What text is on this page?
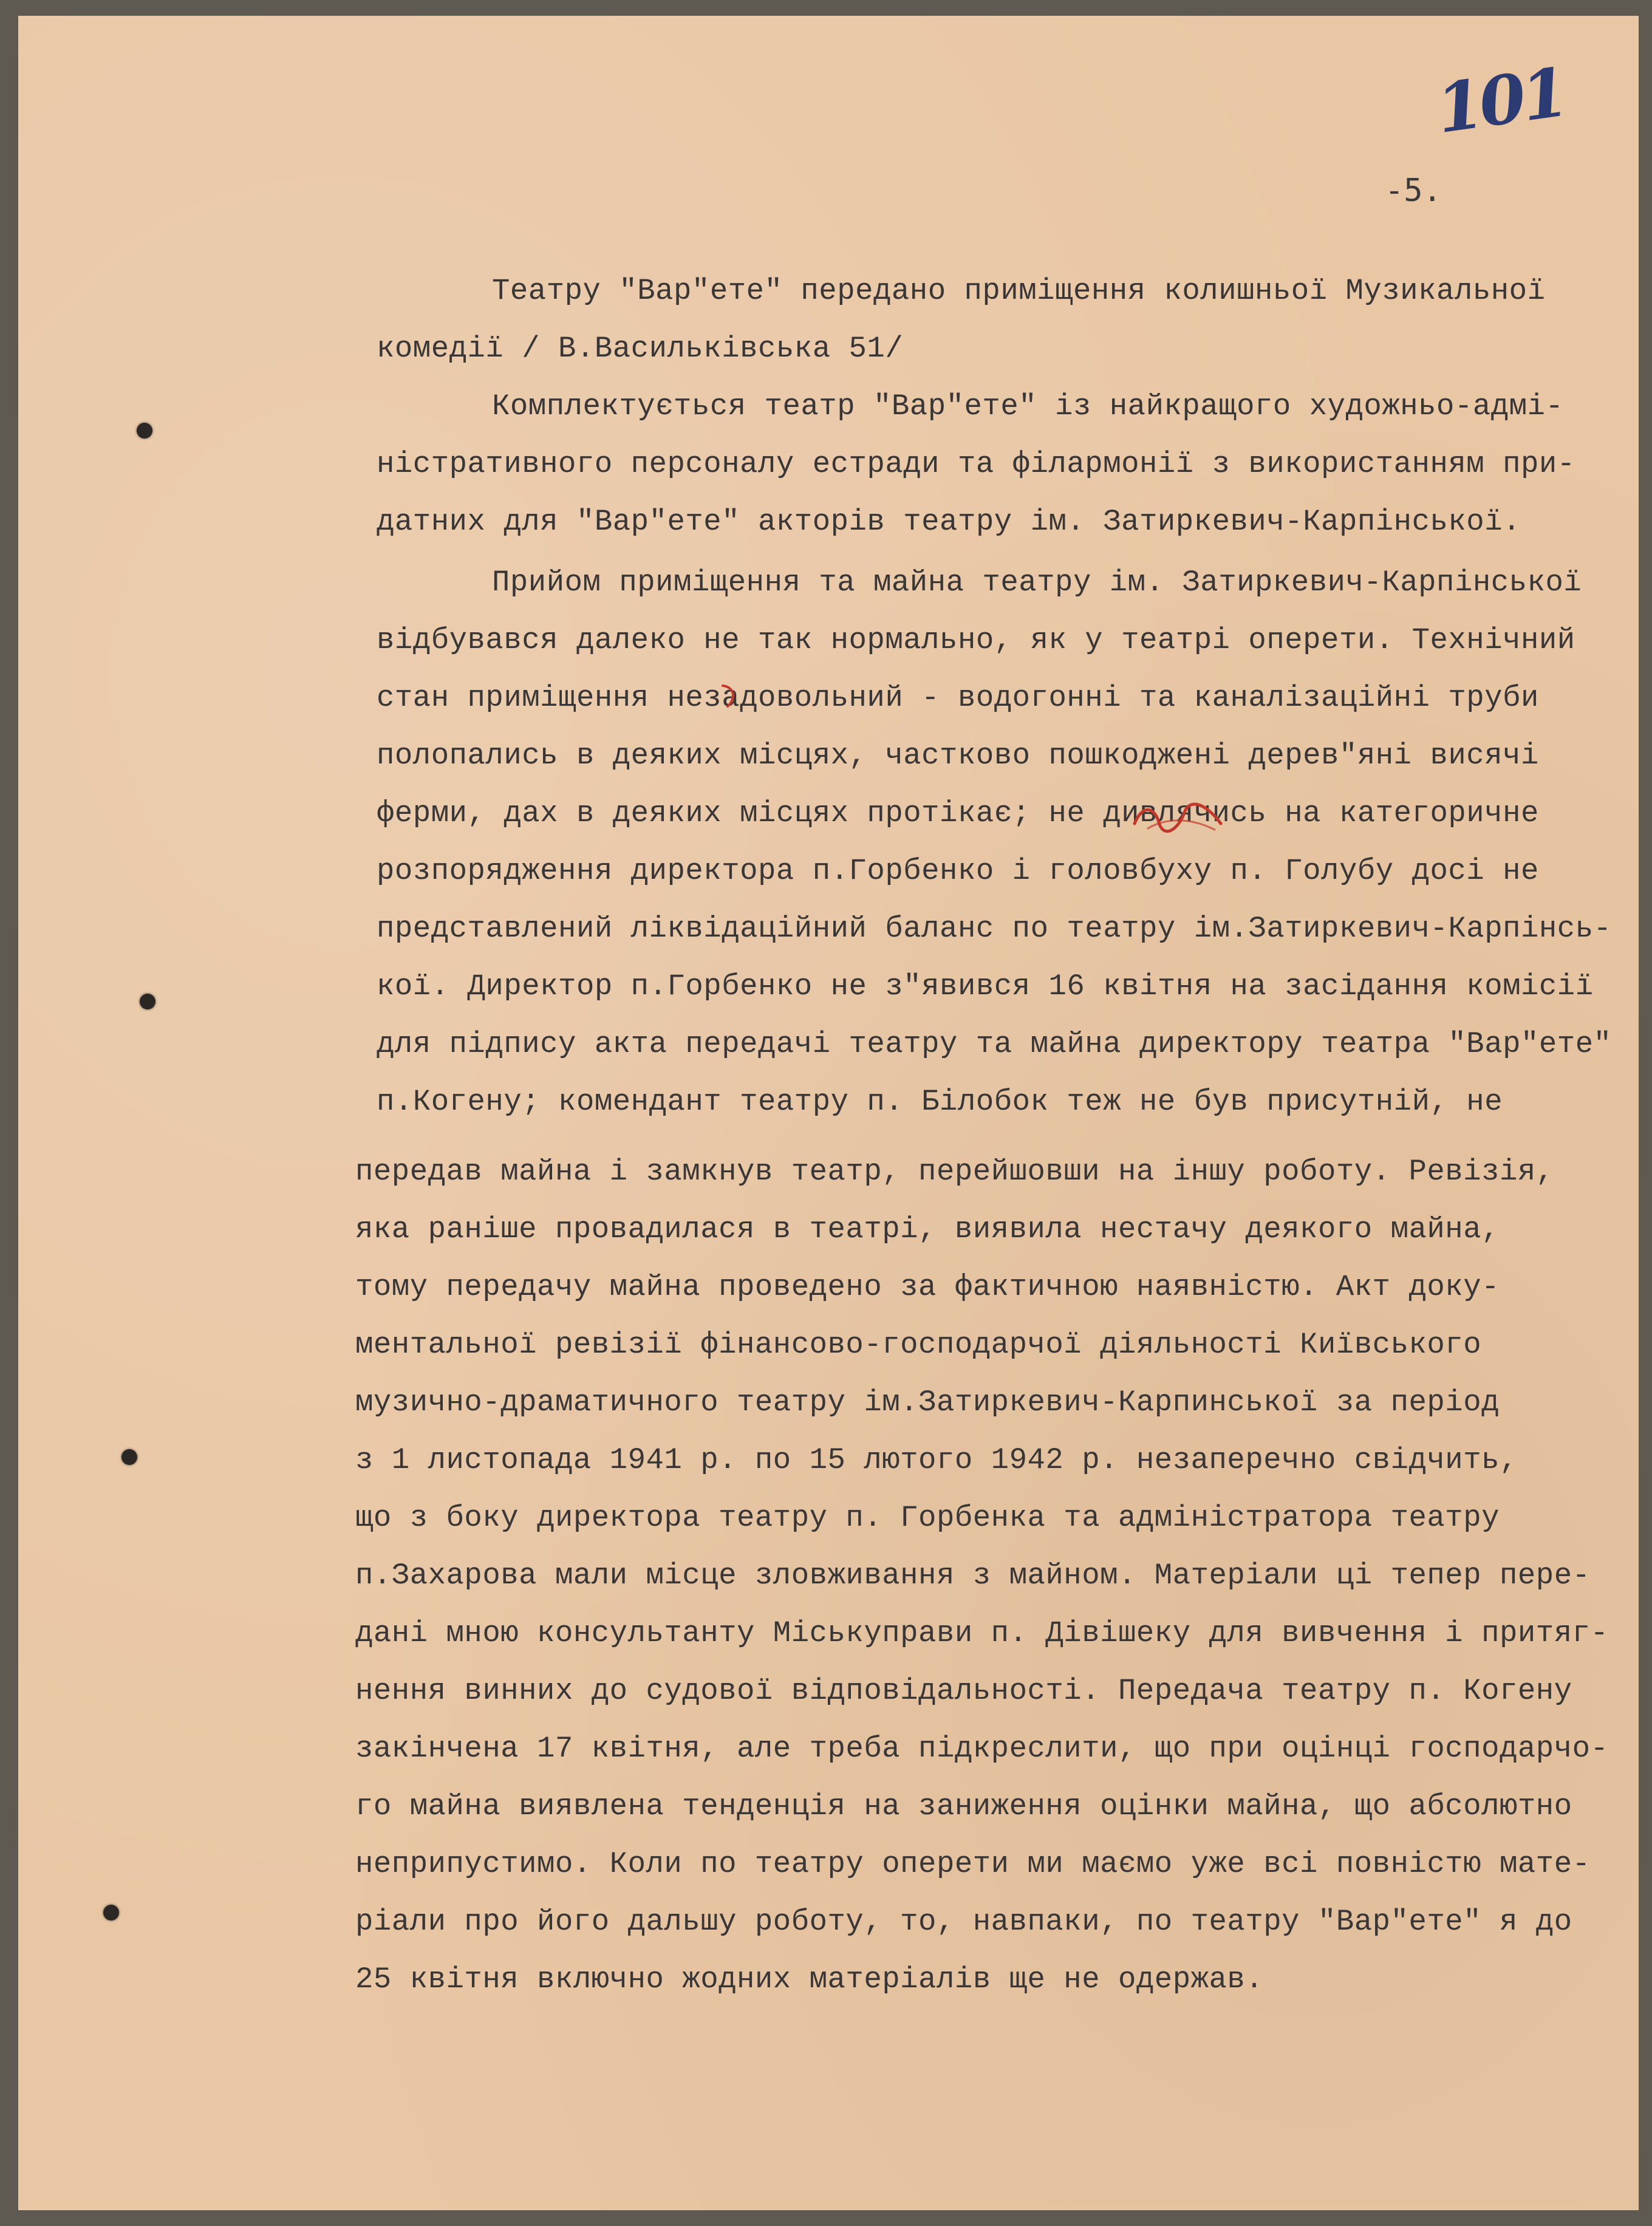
101
-5.
Театру "Вар"ете" передано приміщення колишньої Музикальної
комедії / В.Васильківська 51/
Комплектується театр "Вар"ете" із найкращого художньо-адмі-
ністративного персоналу естради та філармонії з використанням при-
датних для "Вар"ете" акторів театру ім. Затиркевич-Карпінської.
Прийом приміщення та майна театру ім. Затиркевич-Карпінської
відбувався далеко не так нормально, як у театрі оперети. Технічний
стан приміщення незадовольний - водогонні та каналізаційні труби
полопались в деяких місцях, частково пошкоджені дерев"яні висячі
ферми, дах в деяких місцях протікає; не дивлячись на категоричне
розпорядження директора п.Горбенко і головбуху п. Голубу досі не
представлений ліквідаційний баланс по театру ім.Затиркевич-Карпінсь-
кої. Директор п.Горбенко не з"явився 16 квітня на засідання комісії
для підпису акта передачі театру та майна директору театра "Вар"ете"
п.Когену; комендант театру п. Білобок теж не був присутній, не
передав майна і замкнув театр, перейшовши на іншу роботу. Ревізія,
яка раніше провадилася в театрі, виявила нестачу деякого майна,
тому передачу майна проведено за фактичною наявністю. Акт доку-
ментальної ревізії фінансово-господарчої діяльності Київського
музично-драматичного театру ім.Затиркевич-Карпинської за період
з 1 листопада 1941 р. по 15 лютого 1942 р. незаперечно свідчить,
що з боку директора театру п. Горбенка та адміністратора театру
п.Захарова мали місце зловживання з майном. Матеріали ці тепер пере-
дані мною консультанту Міськуправи п. Дівішеку для вивчення і притяг-
нення винних до судової відповідальності. Передача театру п. Когену
закінчена 17 квітня, але треба підкреслити, що при оцінці господарчо-
го майна виявлена тенденція на заниження оцінки майна, що абсолютно
неприпустимо. Коли по театру оперети ми маємо уже всі повністю мате-
ріали про його дальшу роботу, то, навпаки, по театру "Вар"ете" я до
25 квітня включно жодних матеріалів ще не одержав.
